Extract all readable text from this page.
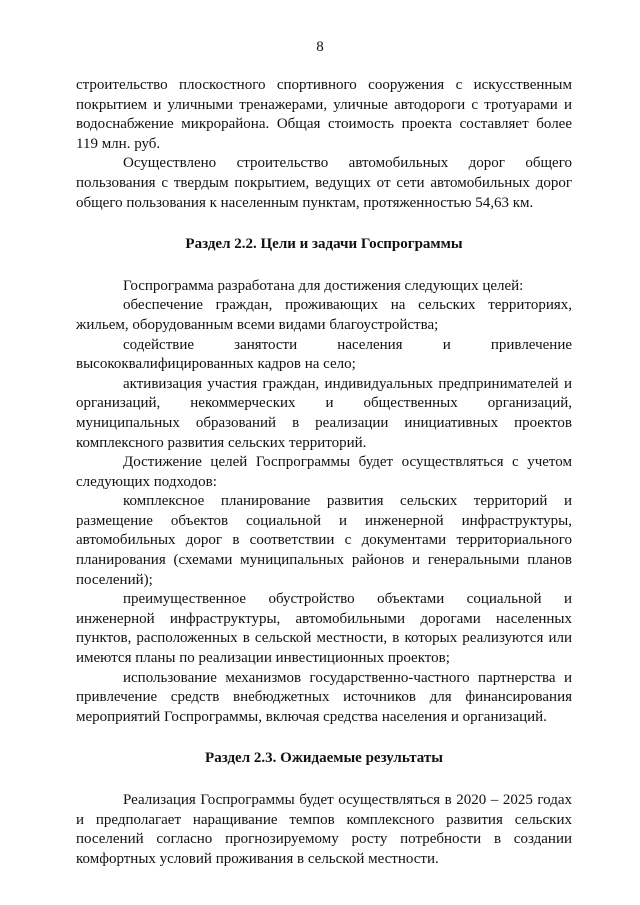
8

строительство плоскостного спортивного сооружения с искусственным покрытием и уличными тренажерами, уличные автодороги с тротуарами и водоснабжение микрорайона. Общая стоимость проекта составляет более 119 млн. руб.

Осуществлено строительство автомобильных дорог общего пользования с твердым покрытием, ведущих от сети автомобильных дорог общего пользования к населенным пунктам, протяженностью 54,63 км.

Раздел 2.2. Цели и задачи Госпрограммы

Госпрограмма разработана для достижения следующих целей:

обеспечение граждан, проживающих на сельских территориях, жильем, оборудованным всеми видами благоустройства;

содействие занятости населения и привлечение высококвалифицированных кадров на село;

активизация участия граждан, индивидуальных предпринимателей и организаций, некоммерческих и общественных организаций, муниципальных образований в реализации инициативных проектов комплексного развития сельских территорий.

Достижение целей Госпрограммы будет осуществляться с учетом следующих подходов:

комплексное планирование развития сельских территорий и размещение объектов социальной и инженерной инфраструктуры, автомобильных дорог в соответствии с документами территориального планирования (схемами муниципальных районов и генеральными планов поселений);

преимущественное обустройство объектами социальной и инженерной инфраструктуры, автомобильными дорогами населенных пунктов, расположенных в сельской местности, в которых реализуются или имеются планы по реализации инвестиционных проектов;

использование механизмов государственно-частного партнерства и привлечение средств внебюджетных источников для финансирования мероприятий Госпрограммы, включая средства населения и организаций.

Раздел 2.3. Ожидаемые результаты

Реализация Госпрограммы будет осуществляться в 2020 – 2025 годах и предполагает наращивание темпов комплексного развития сельских поселений согласно прогнозируемому росту потребности в создании комфортных условий проживания в сельской местности.
